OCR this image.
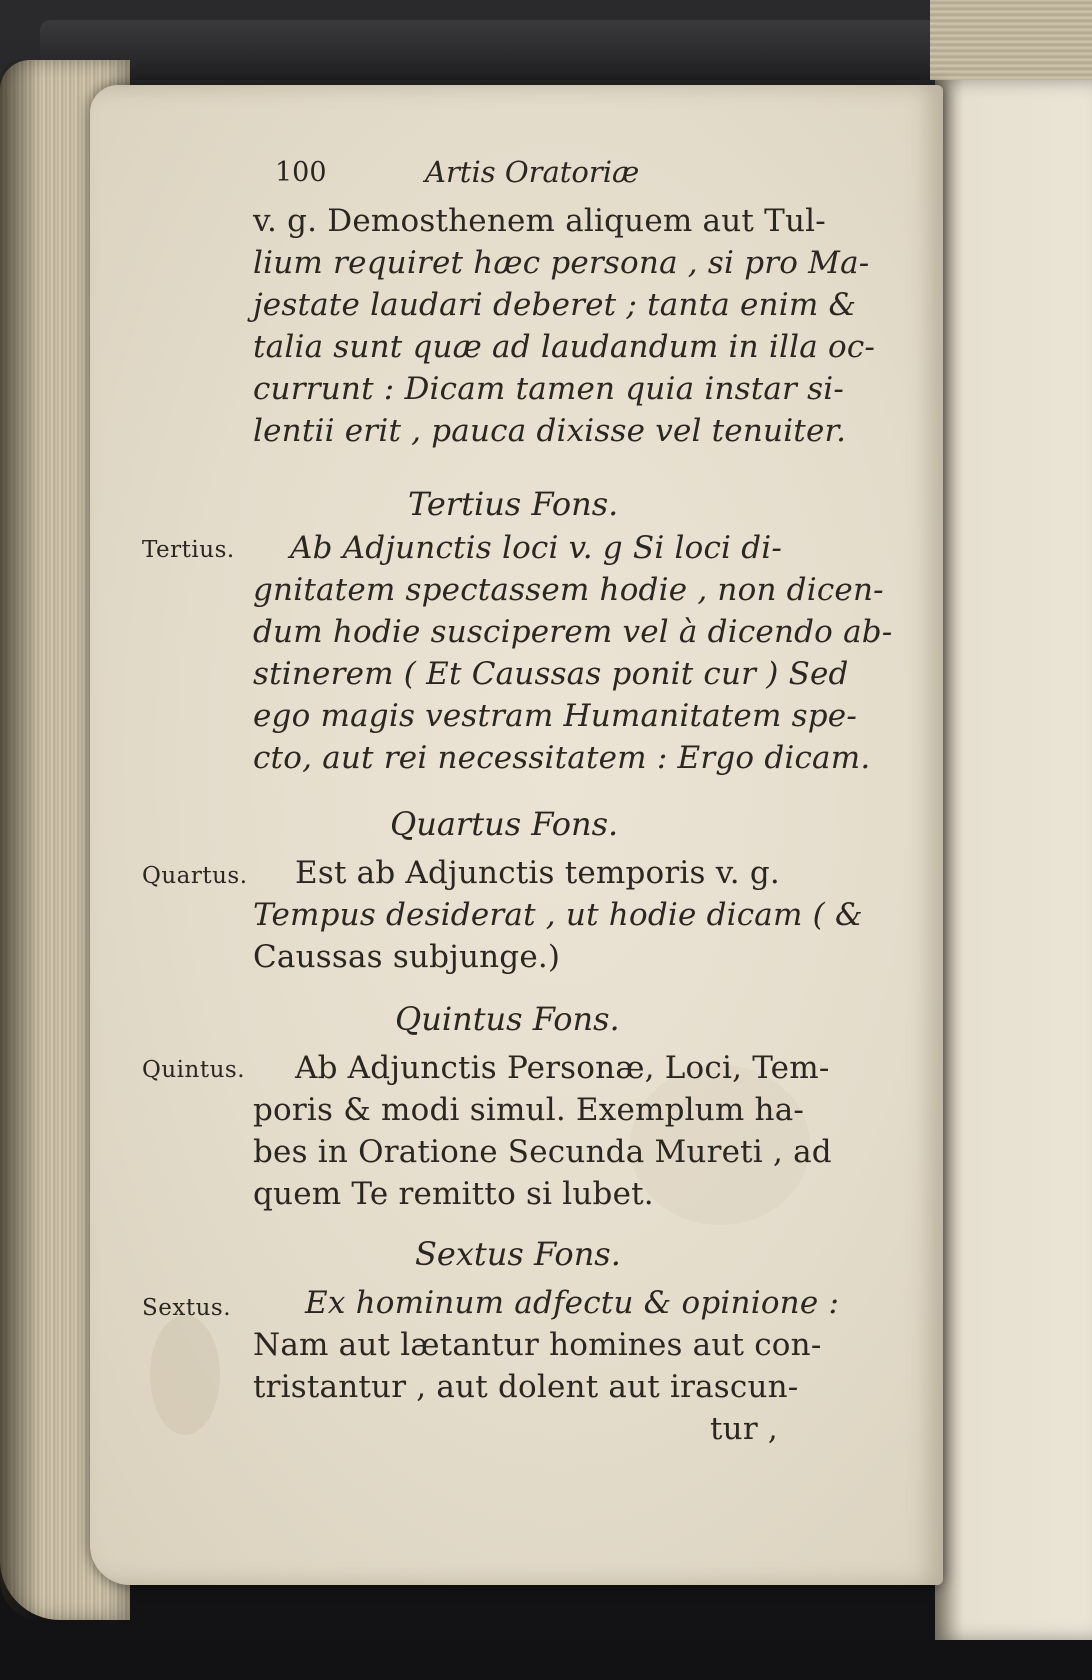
100	Artis Oratoriæ
v. g. Demosthenem aliquem aut Tul-
lium requiret hæc persona , si pro Ma-
jestate laudari deberet ; tanta enim &
talia sunt quæ ad laudandum in illa oc-
currunt : Dicam tamen quia instar si-
lentii erit , pauca dixisse vel tenuiter.
Tertius Fons.
Tertius. Ab Adjunctis loci v. g Si loci di-
gnitatem spectassem hodie , non dicen-
dum hodie susciperem vel à dicendo ab-
stinerem ( Et Caussas ponit cur ) Sed
ego magis vestram Humanitatem spe-
cto, aut rei necessitatem : Ergo dicam.
Quartus Fons.
Quartus. Est ab Adjunctis temporis v. g.
Tempus desiderat , ut hodie dicam ( &
Caussas subjunge.)
Quintus Fons.
Quintus. Ab Adjunctis Personæ, Loci, Tem-
poris & modi simul. Exemplum ha-
bes in Oratione Secunda Mureti , ad
quem Te remitto si lubet.
Sextus Fons.
Sextus. Ex hominum adfectu & opinione :
Nam aut lætantur homines aut con-
tristantur , aut dolent aut irascun-
tur ,
